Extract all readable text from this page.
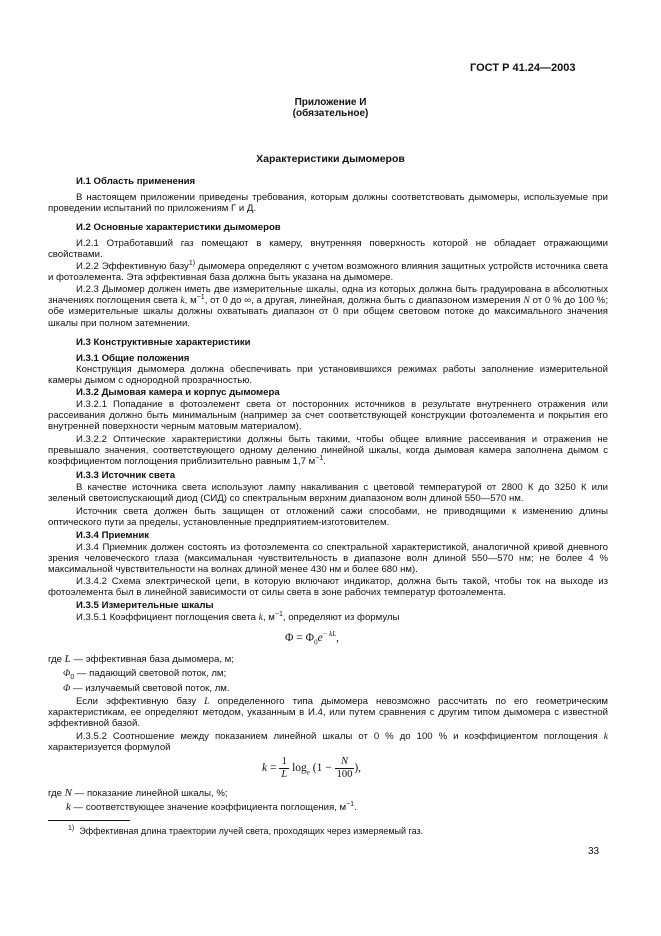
ГОСТ Р 41.24—2003
Приложение И
(обязательное)
Характеристики дымомеров
И.1 Область применения
В настоящем приложении приведены требования, которым должны соответствовать дымомеры, используемые при проведении испытаний по приложениям Г и Д.
И.2 Основные характеристики дымомеров
И.2.1 Отработавший газ помещают в камеру, внутренняя поверхность которой не обладает отражающими свойствами.
И.2.2 Эффективную базу$^{1)}$ дымомера определяют с учетом возможного влияния защитных устройств источника света и фотоэлемента. Эта эффективная база должна быть указана на дымомере.
И.2.3 Дымомер должен иметь две измерительные шкалы, одна из которых должна быть градуирована в абсолютных значениях поглощения света k, $м^{-1}$, от 0 до ∞, а другая, линейная, должна быть с диапазоном измерения N от 0 % до 100 %; обе измерительные шкалы должны охватывать диапазон от 0 при общем световом потоке до максимального значения шкалы при полном затемнении.
И.3 Конструктивные характеристики
И.3.1 Общие положения
Конструкция дымомера должна обеспечивать при установившихся режимах работы заполнение измерительной камеры дымом с однородной прозрачностью.
И.3.2 Дымовая камера и корпус дымомера
И.3.2.1 Попадание в фотоэлемент света от посторонних источников в результате внутреннего отражения или рассеивания должно быть минимальным (например за счет соответствующей конструкции фотоэлемента и покрытия его внутренней поверхности черным матовым материалом).
И.3.2.2 Оптические характеристики должны быть такими, чтобы общее влияние рассеивания и отражения не превышало значения, соответствующего одному делению линейной шкалы, когда дымовая камера заполнена дымом с коэффициентом поглощения приблизительно равным 1,7 $м^{-1}$.
И.3.3 Источник света
В качестве источника света используют лампу накаливания с цветовой температурой от 2800 К до 3250 К или зеленый светоиспускающий диод (СИД) со спектральным верхним диапазоном волн длиной 550—570 нм.
Источник света должен быть защищен от отложений сажи способами, не приводящими к изменению длины оптического пути за пределы, установленные предприятием-изготовителем.
И.3.4 Приемник
И.3.4 Приемник должен состоять из фотоэлемента со спектральной характеристикой, аналогичной кривой дневного зрения человеческого глаза (максимальная чувствительность в диапазоне волн длиной 550—570 нм; не более 4 % максимальной чувствительности на волнах длиной менее 430 нм и более 680 нм).
И.3.4.2 Схема электрической цепи, в которую включают индикатор, должна быть такой, чтобы ток на выходе из фотоэлемента был в линейной зависимости от силы света в зоне рабочих температур фотоэлемента.
И.3.5 Измерительные шкалы
И.3.5.1 Коэффициент поглощения света k, $м^{-1}$, определяют из формулы
$\Phi = \Phi_0e^{- kL}$,
где L — эффективная база дымомера, м;
$\Phi_0$ — падающий световой поток, лм;
Φ — излучаемый световой поток, лм.
Если эффективную базу L определенного типа дымомера невозможно рассчитать по его геометрическим характеристикам, ее определяют методом, указанным в И.4, или путем сравнения с другим типом дымомера с известной эффективной базой.
И.3.5.2 Соотношение между показанием линейной шкалы от 0 % до 100 % и коэффициентом поглощения k характеризуется формулой
$k = \frac{1}{L} \log_e (1 - \frac{N}{100}$ ),
где N — показание линейной шкалы, %;
k — соответствующее значение коэффициента поглощения, $м^{-1}$.
$^{1)}$ Эффективная длина траектории лучей света, проходящих через измеряемый газ.
33
